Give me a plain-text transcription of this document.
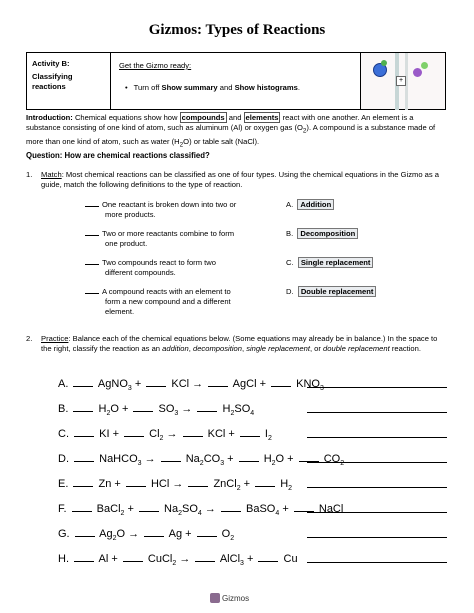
Gizmos: Types of Reactions
Activity B:
Classifying reactions
Get the Gizmo ready:
• Turn off Show summary and Show histograms.
+
Introduction: Chemical equations show how compounds and elements react with one another. An element is a substance consisting of one kind of atom, such as aluminum (Al) or oxygen gas $(O_2)$. A compound is a substance made of more than one kind of atom, such as water $(H_2O)$ or table salt (NaCl).
Question: How are chemical reactions classified?
1. Match: Most chemical reactions can be classified as one of four types. Using the chemical equations in the Gizmo as a guide, match the following definitions to the type of reaction.
One reactant is broken down into two or
more products.
Two or more reactants combine to form
one product.
Two compounds react to form two
different compounds.
A compound reacts with an element to
form a new compound and a different
element.
A. Addition
B. Decomposition
C. Single replacement
D. Double replacement
2. Practice: Balance each of the chemical equations below. (Some equations may already be in balance.) In the space to the right, classify the reaction as an addition, decomposition, single replacement, or double replacement reaction.
A.  AgNO$_3$ +  KCl →  AgCl +  $KNO_3$
B.  $H_2O + SO_3 \to H_2SO_4$
C.  KI +  $Cl_2$ →  KCl +  $I_2$
D.  NaHCO$_3$ →  $Na_2CO_3 + H_2O + CO_2$
E.  Zn +  HCl →  ZnCl$_2$ +  $H_2$
F.  BaCl$_2$ +  $Na_2SO_4$ →  BaSO$_4$ +  NaCl
G.  $Ag_2O \to Ag + O_2$
H.  Al +  CuCl$_2$ →  AlCl$_3$ +  Cu
Gizmos
